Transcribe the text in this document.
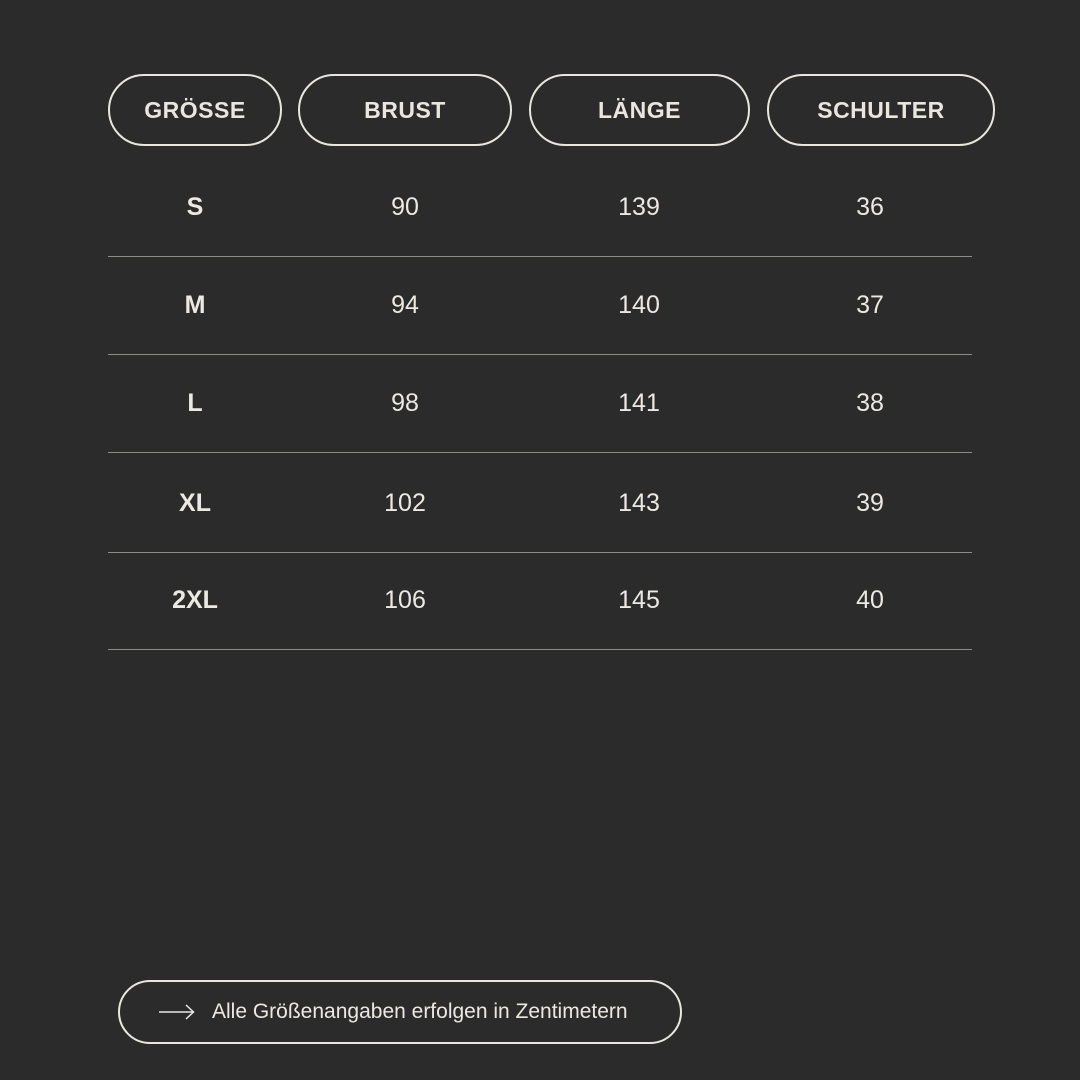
GRÖSSE	BRUST	LÄNGE	SCHULTER
S	90	139	36
M	94	140	37
L	98	141	38
XL	102	143	39
2XL	106	145	40
Alle Größenangaben erfolgen in Zentimetern
